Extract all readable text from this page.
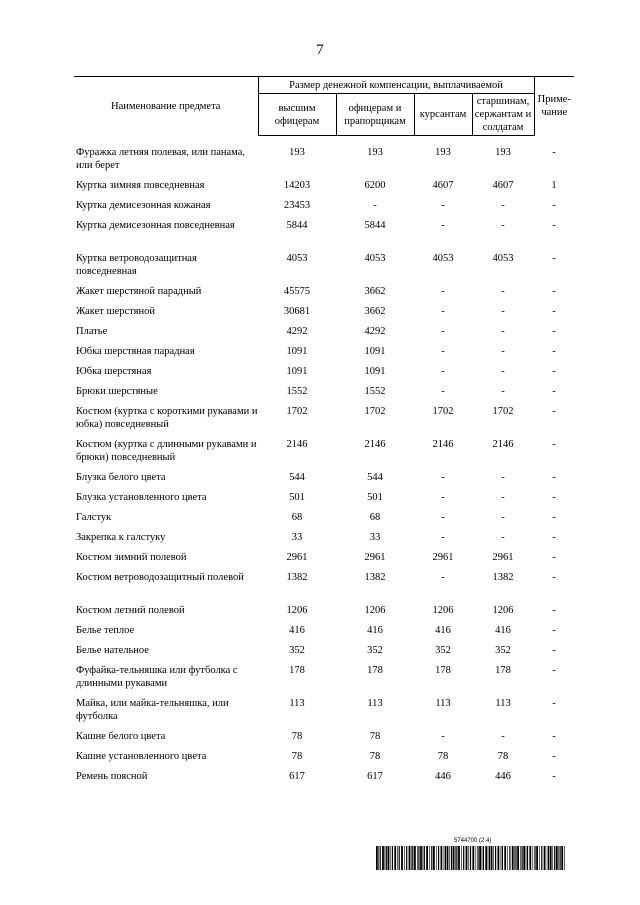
7
Наименование предмета	Размер денежной компенсации, выплачиваемой				Приме-чание
	высшим офицерам	офицерам и прапорщикам	курсантам	старшинам, сержантам и солдатам	

Фуражка летняя полевая, или панама, или берет	193	193	193	193	-
Куртка зимняя повседневная	14203	6200	4607	4607	1
Куртка демисезонная кожаная	23453	-	-	-	-
Куртка демисезонная повседневная	5844	5844	-	-	-
Куртка ветроводозащитная повседневная	4053	4053	4053	4053	-
Жакет шерстяной парадный	45575	3662	-	-	-
Жакет шерстяной	30681	3662	-	-	-
Платье	4292	4292	-	-	-
Юбка шерстяная парадная	1091	1091	-	-	-
Юбка шерстяная	1091	1091	-	-	-
Брюки шерстяные	1552	1552	-	-	-
Костюм (куртка с короткими рукавами и юбка) повседневный	1702	1702	1702	1702	-
Костюм (куртка с длинными рукавами и брюки) повседневный	2146	2146	2146	2146	-
Блузка белого цвета	544	544	-	-	-
Блузка установленного цвета	501	501	-	-	-
Галстук	68	68	-	-	-
Закрепка к галстуку	33	33	-	-	-
Костюм зимний полевой	2961	2961	2961	2961	-
Костюм ветроводозащитный полевой	1382	1382	-	1382	-
Костюм летний полевой	1206	1206	1206	1206	-
Белье теплое	416	416	416	416	-
Белье нательное	352	352	352	352	-
Фуфайка-тельняшка или футболка с длинными рукавами	178	178	178	178	-
Майка, или майка-тельняшка, или футболка	113	113	113	113	-
Кашне белого цвета	78	78	-	-	-
Кашне установленного цвета	78	78	78	78	-
Ремень поясной	617	617	446	446	-
5744700 (2.4)
